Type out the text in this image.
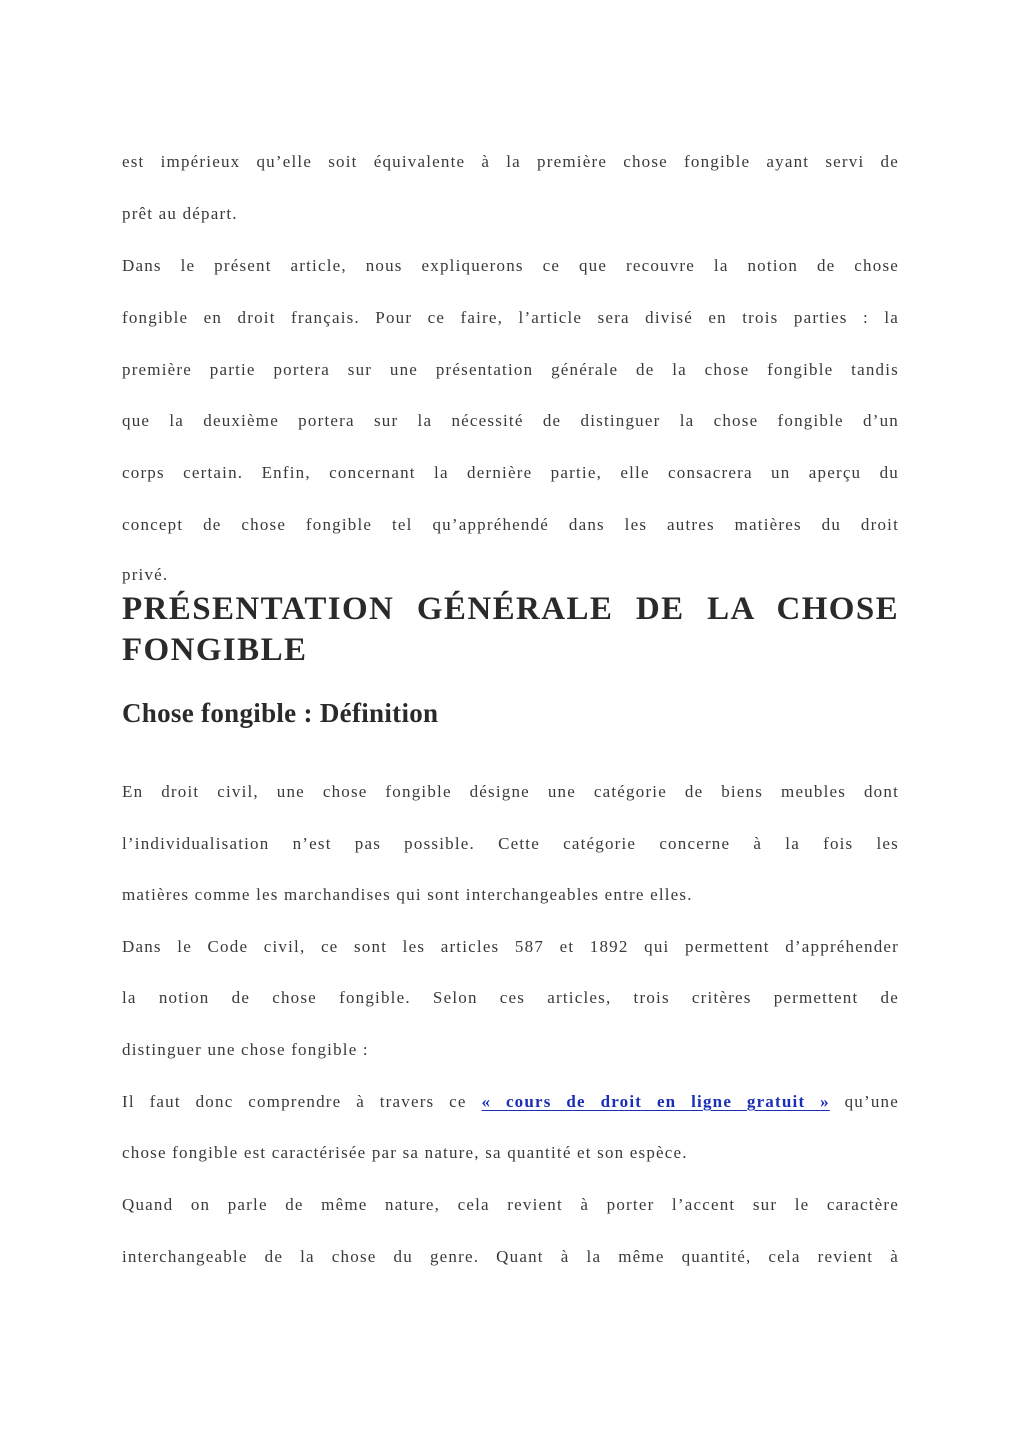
est impérieux qu’elle soit équivalente à la première chose fongible ayant servi de
prêt au départ.
Dans le présent article, nous expliquerons ce que recouvre la notion de chose
fongible en droit français. Pour ce faire, l’article sera divisé en trois parties : la
première partie portera sur une présentation générale de la chose fongible tandis
que la deuxième portera sur la nécessité de distinguer la chose fongible d’un
corps certain. Enfin, concernant la dernière partie, elle consacrera un aperçu du
concept de chose fongible tel qu’appréhendé dans les autres matières du droit
privé.
PRÉSENTATION GÉNÉRALE DE LA CHOSE
FONGIBLE
Chose fongible : Définition
En droit civil, une chose fongible désigne une catégorie de biens meubles dont
l’individualisation n’est pas possible. Cette catégorie concerne à la fois les
matières comme les marchandises qui sont interchangeables entre elles.
Dans le Code civil, ce sont les articles 587 et 1892 qui permettent d’appréhender
la notion de chose fongible. Selon ces articles, trois critères permettent de
distinguer une chose fongible :
Il faut donc comprendre à travers ce « cours de droit en ligne gratuit » qu’une
chose fongible est caractérisée par sa nature, sa quantité et son espèce.
Quand on parle de même nature, cela revient à porter l’accent sur le caractère
interchangeable de la chose du genre. Quant à la même quantité, cela revient à
